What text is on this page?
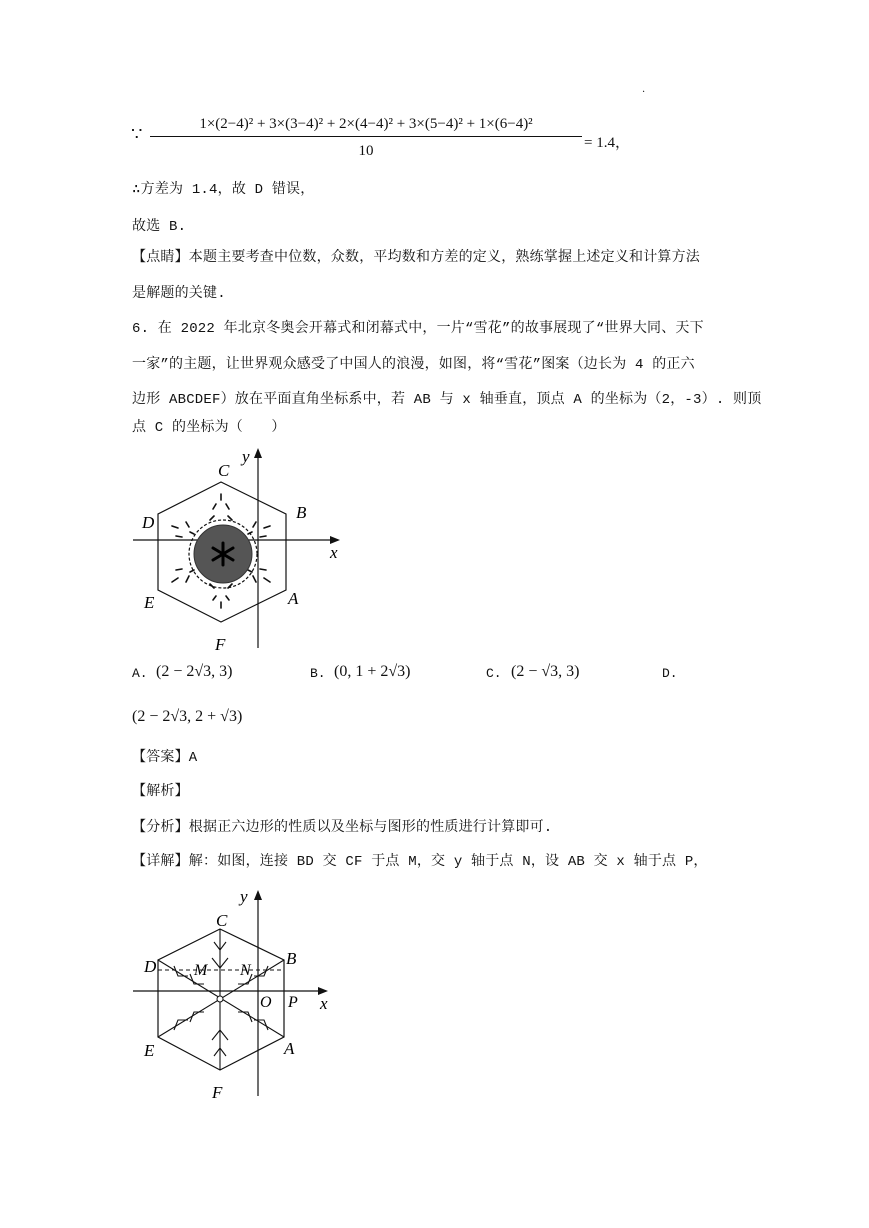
.
∵	1×(2−4)² + 3×(3−4)² + 2×(4−4)² + 3×(5−4)² + 1×(6−4)²
10	= 1.4，
∴方差为 1.4，故 D 错误，
故选 B.
【点睛】本题主要考查中位数，众数，平均数和方差的定义，熟练掌握上述定义和计算方法
是解题的关键.
6. 在 2022 年北京冬奥会开幕式和闭幕式中，一片“雪花”的故事展现了“世界大同、天下
一家”的主题，让世界观众感受了中国人的浪漫，如图，将“雪花”图案（边长为 4 的正六
边形 ABCDEF）放在平面直角坐标系中，若 AB 与 x 轴垂直，顶点 A 的坐标为（2，-3）. 则顶
点 C 的坐标为（　　）
C
B
D
E	A
F
x
y
A. (2 − 2√3, 3)	B. (0, 1 + 2√3)	C. (2 − √3, 3)	D.
(2 − 2√3, 2 + √3)
【答案】A
【解析】
【分析】根据正六边形的性质以及坐标与图形的性质进行计算即可.
【详解】解：如图，连接 BD 交 CF 于点 M，交 y 轴于点 N，设 AB 交 x 轴于点 P，
C
B
D
E	A
F
x
y
M N
O P
